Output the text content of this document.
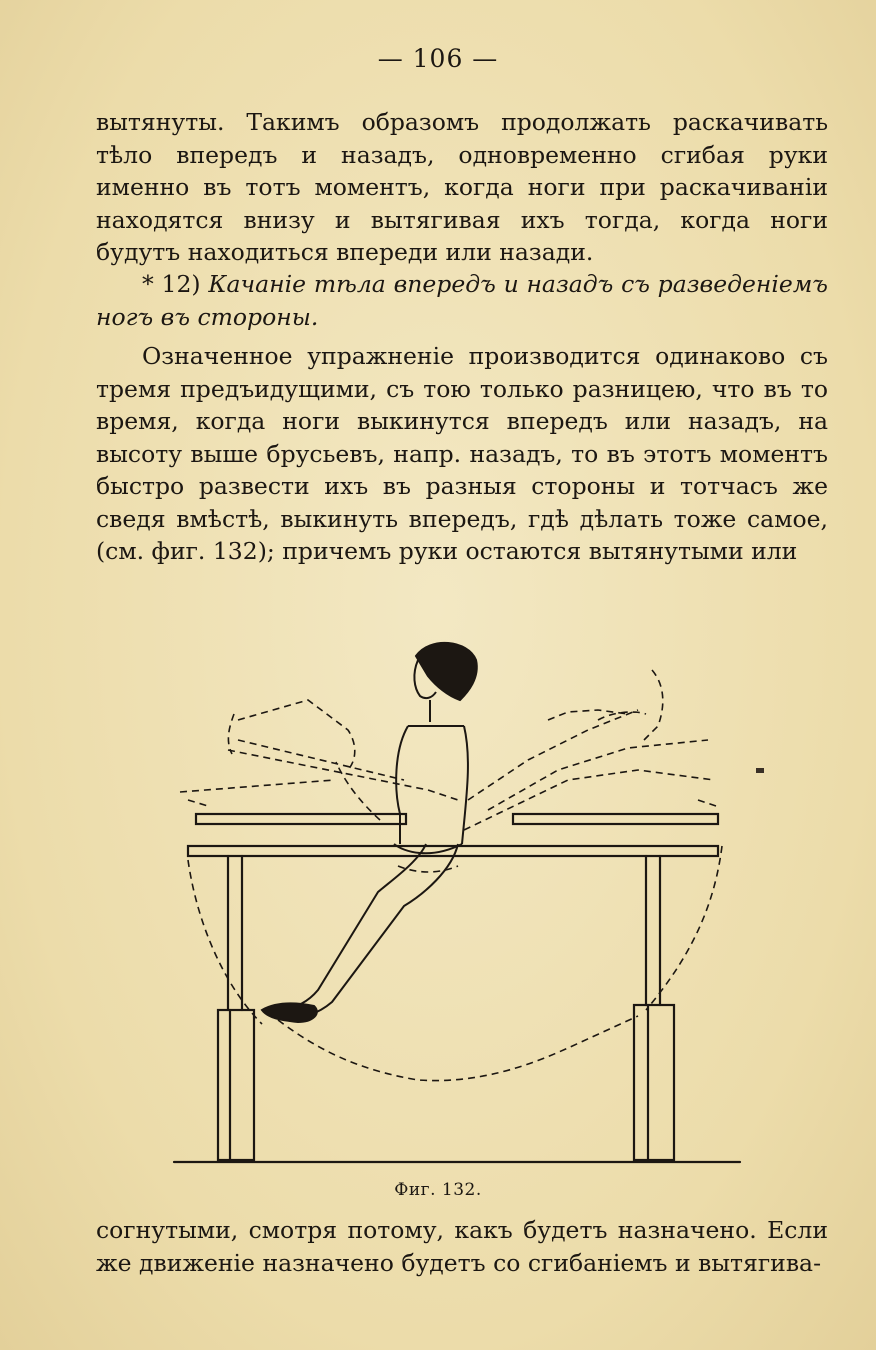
— 106 —

вытянуты. Такимъ образомъ продолжать раскачивать тѣло впередъ и назадъ, одновременно сгибая руки именно въ тотъ моментъ, когда ноги при раскачиваніи находятся внизу и вытягивая ихъ тогда, когда ноги будутъ находиться впереди или назади.

* 12) Качаніе тѣла впередъ и назадъ съ разведеніемъ ногъ въ стороны.

Означенное упражненіе производится одинаково съ тремя предъидущими, съ тою только разницею, что въ то время, когда ноги выкинутся впередъ или назадъ, на высоту выше брусьевъ, напр. назадъ, то въ этотъ моментъ быстро развести ихъ въ разныя стороны и тотчасъ же сведя вмѣстѣ, выкинуть впередъ, гдѣ дѣлать тоже самое, (см. фиг. 132); причемъ руки остаются вытянутыми или

Фиг. 132.

согнутыми, смотря потому, какъ будетъ назначено. Если же движеніе назначено будетъ со сгибаніемъ и вытягива-
